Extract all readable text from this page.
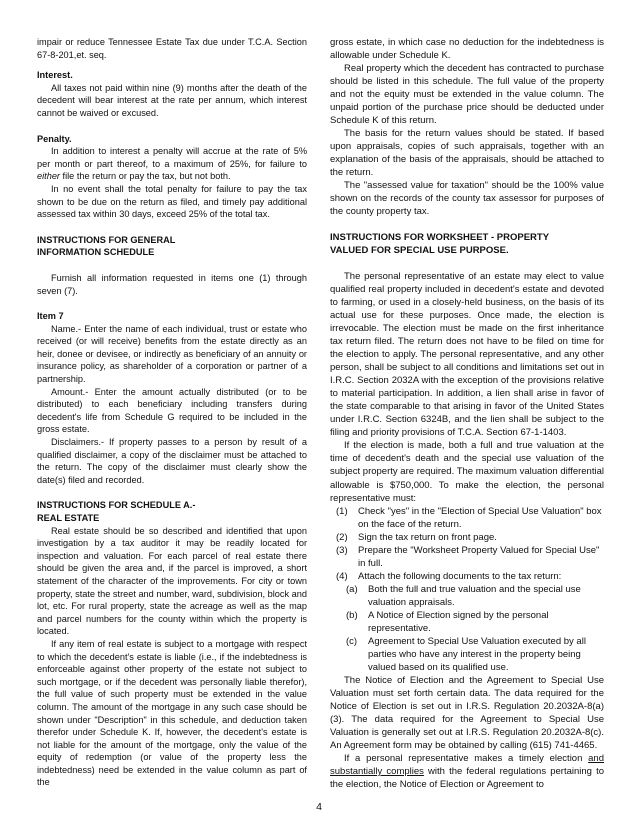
impair or reduce Tennessee Estate Tax due under T.C.A. Section 67-8-201,et. seq.

Interest.

All taxes not paid within nine (9) months after the death of the decedent will bear interest at the rate per annum, which interest cannot be waived or excused.

Penalty.

In addition to interest a penalty will accrue at the rate of 5% per month or part thereof, to a maximum of 25%, for failure to either file the return or pay the tax, but not both.

In no event shall the total penalty for failure to pay the tax shown to be due on the return as filed, and timely pay additional assessed tax within 30 days, exceed 25% of the total tax.

INSTRUCTIONS FOR GENERAL

INFORMATION SCHEDULE

Furnish all information requested in items one (1) through seven (7).

Item 7

Name.- Enter the name of each individual, trust or estate who received (or will receive) benefits from the estate directly as an heir, donee or devisee, or indirectly as beneficiary of an annuity or insurance policy, as shareholder of a corporation or partner of a partnership.

Amount.- Enter the amount actually distributed (or to be distributed) to each beneficiary including transfers during decedent's life from Schedule G required to be included in the gross estate.

Disclaimers.- If property passes to a person by result of a qualified disclaimer, a copy of the disclaimer must be attached to the return. The copy of the disclaimer must clearly show the date(s) filed and recorded.

INSTRUCTIONS FOR SCHEDULE A.-

REAL ESTATE

Real estate should be so described and identified that upon investigation by a tax auditor it may be readily located for inspection and valuation. For each parcel of real estate there should be given the area and, if the parcel is improved, a short statement of the character of the improvements. For city or town property, state the street and number, ward, subdivision, block and lot, etc. For rural property, state the acreage as well as the map and parcel numbers for the county within which the property is located.

If any item of real estate is subject to a mortgage with respect to which the decedent's estate is liable (i.e., if the indebtedness is enforceable against other property of the estate not subject to such mortgage, or if the decedent was personally liable therefor), the full value of such property must be extended in the value column. The amount of the mortgage in any such case should be shown under "Description" in this schedule, and deduction taken therefor under Schedule K. If, however, the decedent's estate is not liable for the amount of the mortgage, only the value of the equity of redemption (or value of the property less the indebtedness) need be extended in the value column as part of the

gross estate, in which case no deduction for the indebtedness is allowable under Schedule K.

Real property which the decedent has contracted to purchase should be listed in this schedule. The full value of the property and not the equity must be extended in the value column. The unpaid portion of the purchase price should be deducted under Schedule K of this return.

The basis for the return values should be stated. If based upon appraisals, copies of such appraisals, together with an explanation of the basis of the appraisals, should be attached to the return.

The "assessed value for taxation" should be the 100% value shown on the records of the county tax assessor for purposes of the county property tax.

INSTRUCTIONS FOR WORKSHEET - PROPERTY

VALUED FOR SPECIAL USE PURPOSE.

The personal representative of an estate may elect to value qualified real property included in decedent's estate and devoted to farming, or used in a closely-held business, on the basis of its actual use for these purposes. Once made, the election is irrevocable. The election must be made on the first inheritance tax return filed. The return does not have to be filed on time for the election to apply. The personal representative, and any other person, shall be subject to all conditions and limitations set out in I.R.C. Section 2032A with the exception of the provisions relative to material participation. In addition, a lien shall arise in favor of the state comparable to that arising in favor of the United States under I.R.C. Section 6324B, and the lien shall be subject to the filing and priority provisions of T.C.A. Section 67-1-1403.

If the election is made, both a full and true valuation at the time of decedent's death and the special use valuation of the subject property are required. The maximum valuation differential allowable is $750,000. To make the election, the personal representative must:

(1) Check "yes" in the "Election of Special Use Valuation" box on the face of the return.
(2) Sign the tax return on front page.
(3) Prepare the "Worksheet Property Valued for Special Use" in full.
(4) Attach the following documents to the tax return:
(a) Both the full and true valuation and the special use valuation appraisals.
(b) A Notice of Election signed by the personal representative.
(c) Agreement to Special Use Valuation executed by all parties who have any interest in the property being valued based on its qualified use.

The Notice of Election and the Agreement to Special Use Valuation must set forth certain data. The data required for the Notice of Election is set out in I.R.S. Regulation 20.2032A-8(a)(3). The data required for the Agreement to Special Use Valuation is generally set out at I.R.S. Regulation 20.2032A-8(c). An Agreement form may be obtained by calling (615) 741-4465.

If a personal representative makes a timely election and substantially complies with the federal regulations pertaining to the election, the Notice of Election or Agreement to

4
